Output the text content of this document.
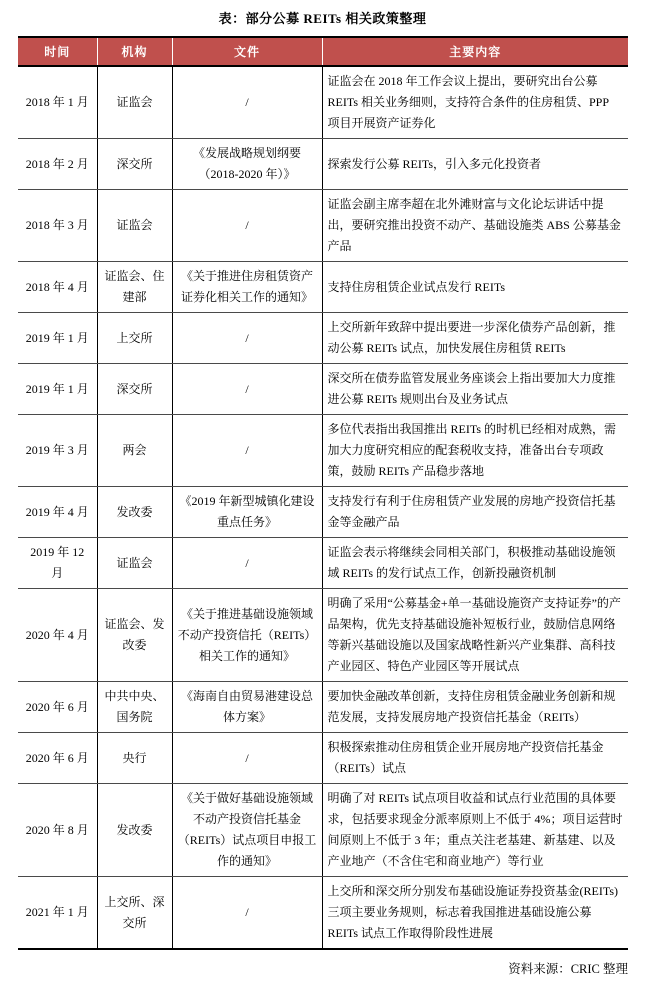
表：部分公募 REITs 相关政策整理
时间	机构	文件	主要内容
2018 年 1 月	证监会	/	证监会在 2018 年工作会议上提出，要研究出台公募 REITs 相关业务细则，支持符合条件的住房租赁、PPP 项目开展资产证券化
2018 年 2 月	深交所	《发展战略规划纲要（2018-2020 年）》	探索发行公募 REITs，引入多元化投资者
2018 年 3 月	证监会	/	证监会副主席李超在北外滩财富与文化论坛讲话中提出，要研究推出投资不动产、基础设施类 ABS 公募基金产品
2018 年 4 月	证监会、住建部	《关于推进住房租赁资产证券化相关工作的通知》	支持住房租赁企业试点发行 REITs
2019 年 1 月	上交所	/	上交所新年致辞中提出要进一步深化债券产品创新，推动公募 REITs 试点，加快发展住房租赁 REITs
2019 年 1 月	深交所	/	深交所在债券监管发展业务座谈会上指出要加大力度推进公募 REITs 规则出台及业务试点
2019 年 3 月	两会	/	多位代表指出我国推出 REITs 的时机已经相对成熟，需加大力度研究相应的配套税收支持，准备出台专项政策，鼓励 REITs 产品稳步落地
2019 年 4 月	发改委	《2019 年新型城镇化建设重点任务》	支持发行有利于住房租赁产业发展的房地产投资信托基金等金融产品
2019 年 12 月	证监会	/	证监会表示将继续会同相关部门，积极推动基础设施领域 REITs 的发行试点工作，创新投融资机制
2020 年 4 月	证监会、发改委	《关于推进基础设施领域不动产投资信托（REITs）相关工作的通知》	明确了采用“公募基金+单一基础设施资产支持证券”的产品架构，优先支持基础设施补短板行业，鼓励信息网络等新兴基础设施以及国家战略性新兴产业集群、高科技产业园区、特色产业园区等开展试点
2020 年 6 月	中共中央、国务院	《海南自由贸易港建设总体方案》	要加快金融改革创新，支持住房租赁金融业务创新和规范发展，支持发展房地产投资信托基金（REITs）
2020 年 6 月	央行	/	积极探索推动住房租赁企业开展房地产投资信托基金（REITs）试点
2020 年 8 月	发改委	《关于做好基础设施领域不动产投资信托基金（REITs）试点项目申报工作的通知》	明确了对 REITs 试点项目收益和试点行业范围的具体要求，包括要求现金分派率原则上不低于 4%；项目运营时间原则上不低于 3 年；重点关注老基建、新基建、以及产业地产（不含住宅和商业地产）等行业
2021 年 1 月	上交所、深交所	/	上交所和深交所分别发布基础设施证券投资基金(REITs)三项主要业务规则，标志着我国推进基础设施公募 REITs 试点工作取得阶段性进展
资料来源：CRIC 整理
